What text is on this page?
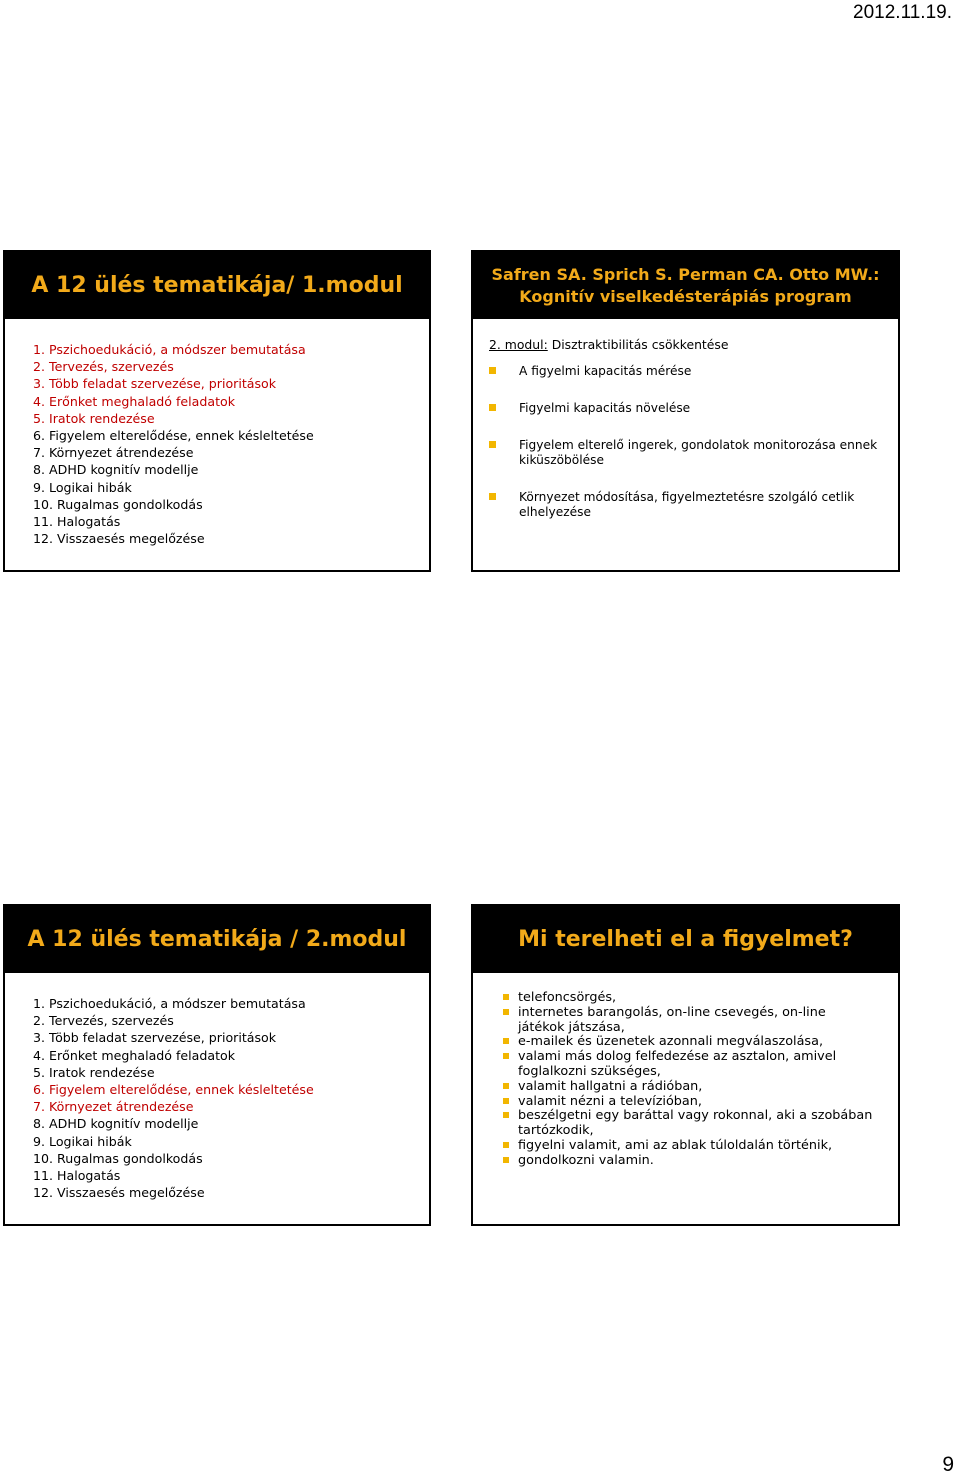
2012.11.19.
A 12 ülés tematikája/ 1.modul
1. Pszichoedukáció, a módszer bemutatása
2. Tervezés, szervezés
3. Több feladat szervezése, prioritások
4. Erőnket meghaladó feladatok
5. Iratok rendezése
6. Figyelem elterelődése, ennek késleltetése
7. Környezet átrendezése
8. ADHD kognitív modellje
9. Logikai hibák
10. Rugalmas gondolkodás
11. Halogatás
12. Visszaesés megelőzése
Safren SA. Sprich S. Perman CA. Otto MW.:
Kognitív viselkedésterápiás program
2. modul: Disztraktibilitás csökkentése
A figyelmi kapacitás mérése
Figyelmi kapacitás növelése
Figyelem elterelő ingerek, gondolatok monitorozása ennek kiküszöbölése
Környezet módosítása, figyelmeztetésre szolgáló cetlik elhelyezése
A 12 ülés tematikája / 2.modul
1. Pszichoedukáció, a módszer bemutatása
2. Tervezés, szervezés
3. Több feladat szervezése, prioritások
4. Erőnket meghaladó feladatok
5. Iratok rendezése
6. Figyelem elterelődése, ennek késleltetése
7. Környezet átrendezése
8. ADHD kognitív modellje
9. Logikai hibák
10. Rugalmas gondolkodás
11. Halogatás
12. Visszaesés megelőzése
Mi terelheti el a figyelmet?
telefoncsörgés,
internetes barangolás, on-line csevegés, on-line játékok játszása,
e-mailek és üzenetek azonnali megválaszolása,
valami más dolog felfedezése az asztalon, amivel foglalkozni szükséges,
valamit hallgatni a rádióban,
valamit nézni a televízióban,
beszélgetni egy baráttal vagy rokonnal, aki a szobában tartózkodik,
figyelni valamit, ami az ablak túloldalán történik,
gondolkozni valamin.
9
